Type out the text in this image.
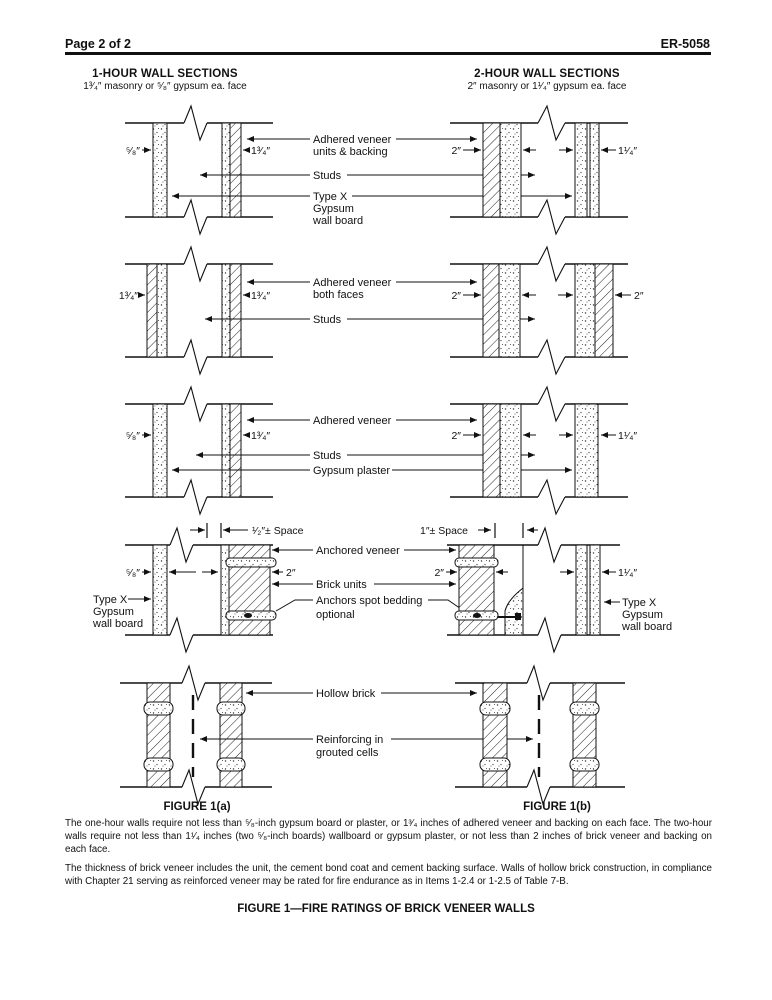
Page 2 of 2	ER-5058
1-HOUR WALL SECTIONS
1³⁄₄″ masonry or ⁵⁄₈″ gypsum ea. face
2-HOUR WALL SECTIONS
2″ masonry or 1¹⁄₄″ gypsum ea. face
⁵⁄₈″	1³⁄₄″
Adhered veneer
units & backing
Studs
Type X
Gypsum
wall board
2″	1¹⁄₄″
1³⁄₄″	1³⁄₄″
Adhered veneer
both faces
Studs
2″	2″
⁵⁄₈″	1³⁄₄″
Adhered veneer
Studs
Gypsum plaster
2″	1¹⁄₄″
¹⁄₂″± Space
⁵⁄₈″	2″
Type X
Gypsum
wall board
Anchored veneer
Brick units
Anchors spot bedding
optional
1″± Space
2″	1¹⁄₄″
Type X
Gypsum
wall board
Hollow brick
Reinforcing in
grouted cells
FIGURE 1(a)	FIGURE 1(b)

The one-hour walls require not less than ⁵⁄₈-inch gypsum board or plaster, or 1³⁄₄ inches of adhered veneer and backing on each face. The two-hour walls require not less than 1¹⁄₄ inches (two ⁵⁄₈-inch boards) wallboard or gypsum plaster, or not less than 2 inches of brick veneer and backing on each face.

The thickness of brick veneer includes the unit, the cement bond coat and cement backing surface. Walls of hollow brick construction, in compliance with Chapter 21 serving as reinforced veneer may be rated for fire endurance as in Items 1-2.4 or 1-2.5 of Table 7-B.

FIGURE 1—FIRE RATINGS OF BRICK VENEER WALLS
